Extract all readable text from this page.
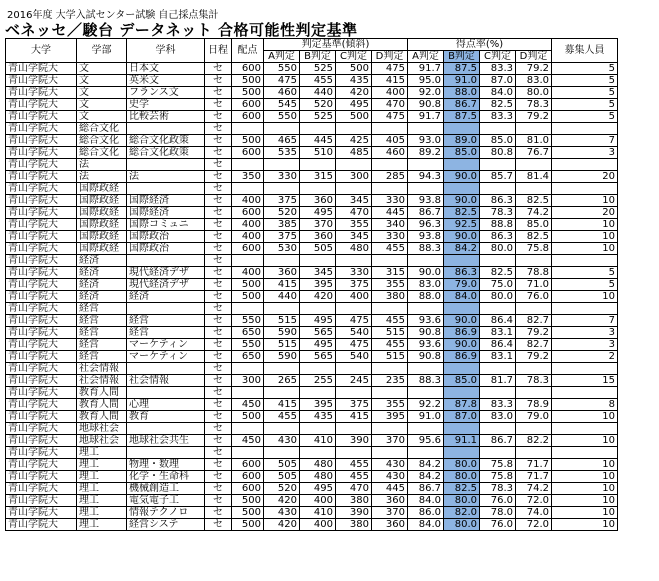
2016年度 大学入試センター試験 自己採点集計
ベネッセ／駿台 データネット 合格可能性判定基準
大学	学部	学科	日程	配点	判定基準(傾斜)				得点率(%)				募集人員
					A判定	B判定	C判定	D判定	A判定	B判定	C判定	D判定	
青山学院大	文	日本文	セ	600	550	525	500	475	91.7	87.5	83.3	79.2	5
青山学院大	文	英米文	セ	500	475	455	435	415	95.0	91.0	87.0	83.0	5
青山学院大	文	フランス文	セ	500	460	440	420	400	92.0	88.0	84.0	80.0	5
青山学院大	文	史学	セ	600	545	520	495	470	90.8	86.7	82.5	78.3	5
青山学院大	文	比較芸術	セ	600	550	525	500	475	91.7	87.5	83.3	79.2	5
青山学院大	総合文化		セ										
青山学院大	総合文化	総合文化政策	セ	500	465	445	425	405	93.0	89.0	85.0	81.0	7
青山学院大	総合文化	総合文化政策	セ	600	535	510	485	460	89.2	85.0	80.8	76.7	3
青山学院大	法		セ										
青山学院大	法	法	セ	350	330	315	300	285	94.3	90.0	85.7	81.4	20
青山学院大	国際政経		セ										
青山学院大	国際政経	国際経済	セ	400	375	360	345	330	93.8	90.0	86.3	82.5	10
青山学院大	国際政経	国際経済	セ	600	520	495	470	445	86.7	82.5	78.3	74.2	20
青山学院大	国際政経	国際コミュニ	セ	400	385	370	355	340	96.3	92.5	88.8	85.0	10
青山学院大	国際政経	国際政治	セ	400	375	360	345	330	93.8	90.0	86.3	82.5	10
青山学院大	国際政経	国際政治	セ	600	530	505	480	455	88.3	84.2	80.0	75.8	10
青山学院大	経済		セ										
青山学院大	経済	現代経済デザ	セ	400	360	345	330	315	90.0	86.3	82.5	78.8	5
青山学院大	経済	現代経済デザ	セ	500	415	395	375	355	83.0	79.0	75.0	71.0	5
青山学院大	経済	経済	セ	500	440	420	400	380	88.0	84.0	80.0	76.0	10
青山学院大	経営		セ										
青山学院大	経営	経営	セ	550	515	495	475	455	93.6	90.0	86.4	82.7	7
青山学院大	経営	経営	セ	650	590	565	540	515	90.8	86.9	83.1	79.2	3
青山学院大	経営	マーケティン	セ	550	515	495	475	455	93.6	90.0	86.4	82.7	3
青山学院大	経営	マーケティン	セ	650	590	565	540	515	90.8	86.9	83.1	79.2	2
青山学院大	社会情報		セ										
青山学院大	社会情報	社会情報	セ	300	265	255	245	235	88.3	85.0	81.7	78.3	15
青山学院大	教育人間		セ										
青山学院大	教育人間	心理	セ	450	415	395	375	355	92.2	87.8	83.3	78.9	8
青山学院大	教育人間	教育	セ	500	455	435	415	395	91.0	87.0	83.0	79.0	10
青山学院大	地球社会		セ										
青山学院大	地球社会	地球社会共生	セ	450	430	410	390	370	95.6	91.1	86.7	82.2	10
青山学院大	理工		セ										
青山学院大	理工	物理・数理	セ	600	505	480	455	430	84.2	80.0	75.8	71.7	10
青山学院大	理工	化学・生命科	セ	600	505	480	455	430	84.2	80.0	75.8	71.7	10
青山学院大	理工	機械創造工	セ	600	520	495	470	445	86.7	82.5	78.3	74.2	10
青山学院大	理工	電気電子工	セ	500	420	400	380	360	84.0	80.0	76.0	72.0	10
青山学院大	理工	情報テクノロ	セ	500	430	410	390	370	86.0	82.0	78.0	74.0	10
青山学院大	理工	経営システ	セ	500	420	400	380	360	84.0	80.0	76.0	72.0	10
